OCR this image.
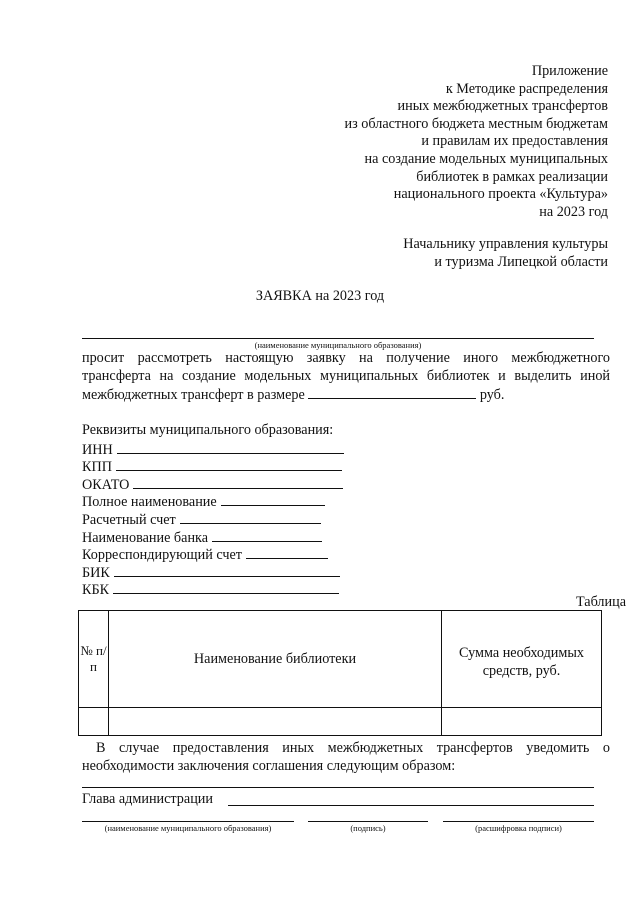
Приложение
к Методике распределения
иных межбюджетных трансфертов
из областного бюджета местным бюджетам
и правилам их предоставления
на создание модельных муниципальных
библиотек в рамках реализации
национального проекта «Культура»
на 2023 год
Начальнику управления культуры
и туризма Липецкой области
ЗАЯВКА на 2023 год
(наименование муниципального образования)
просит рассмотреть настоящую заявку на получение иного межбюджетного
трансферта на создание модельных муниципальных библиотек и выделить иной
межбюджетных трансферт в размере	руб.
Реквизиты муниципального образования:
ИНН
КПП
ОКАТО
Полное наименование
Расчетный счет
Наименование банка
Корреспондирующий счет
БИК
КБК
Таблица
№ п/п	Наименование библиотеки	Сумма необходимых средств, руб.

В случае предоставления иных межбюджетных трансфертов уведомить о
необходимости заключения соглашения следующим образом:
Глава администрации
(наименование муниципального образования)	(подпись)	(расшифровка подписи)
